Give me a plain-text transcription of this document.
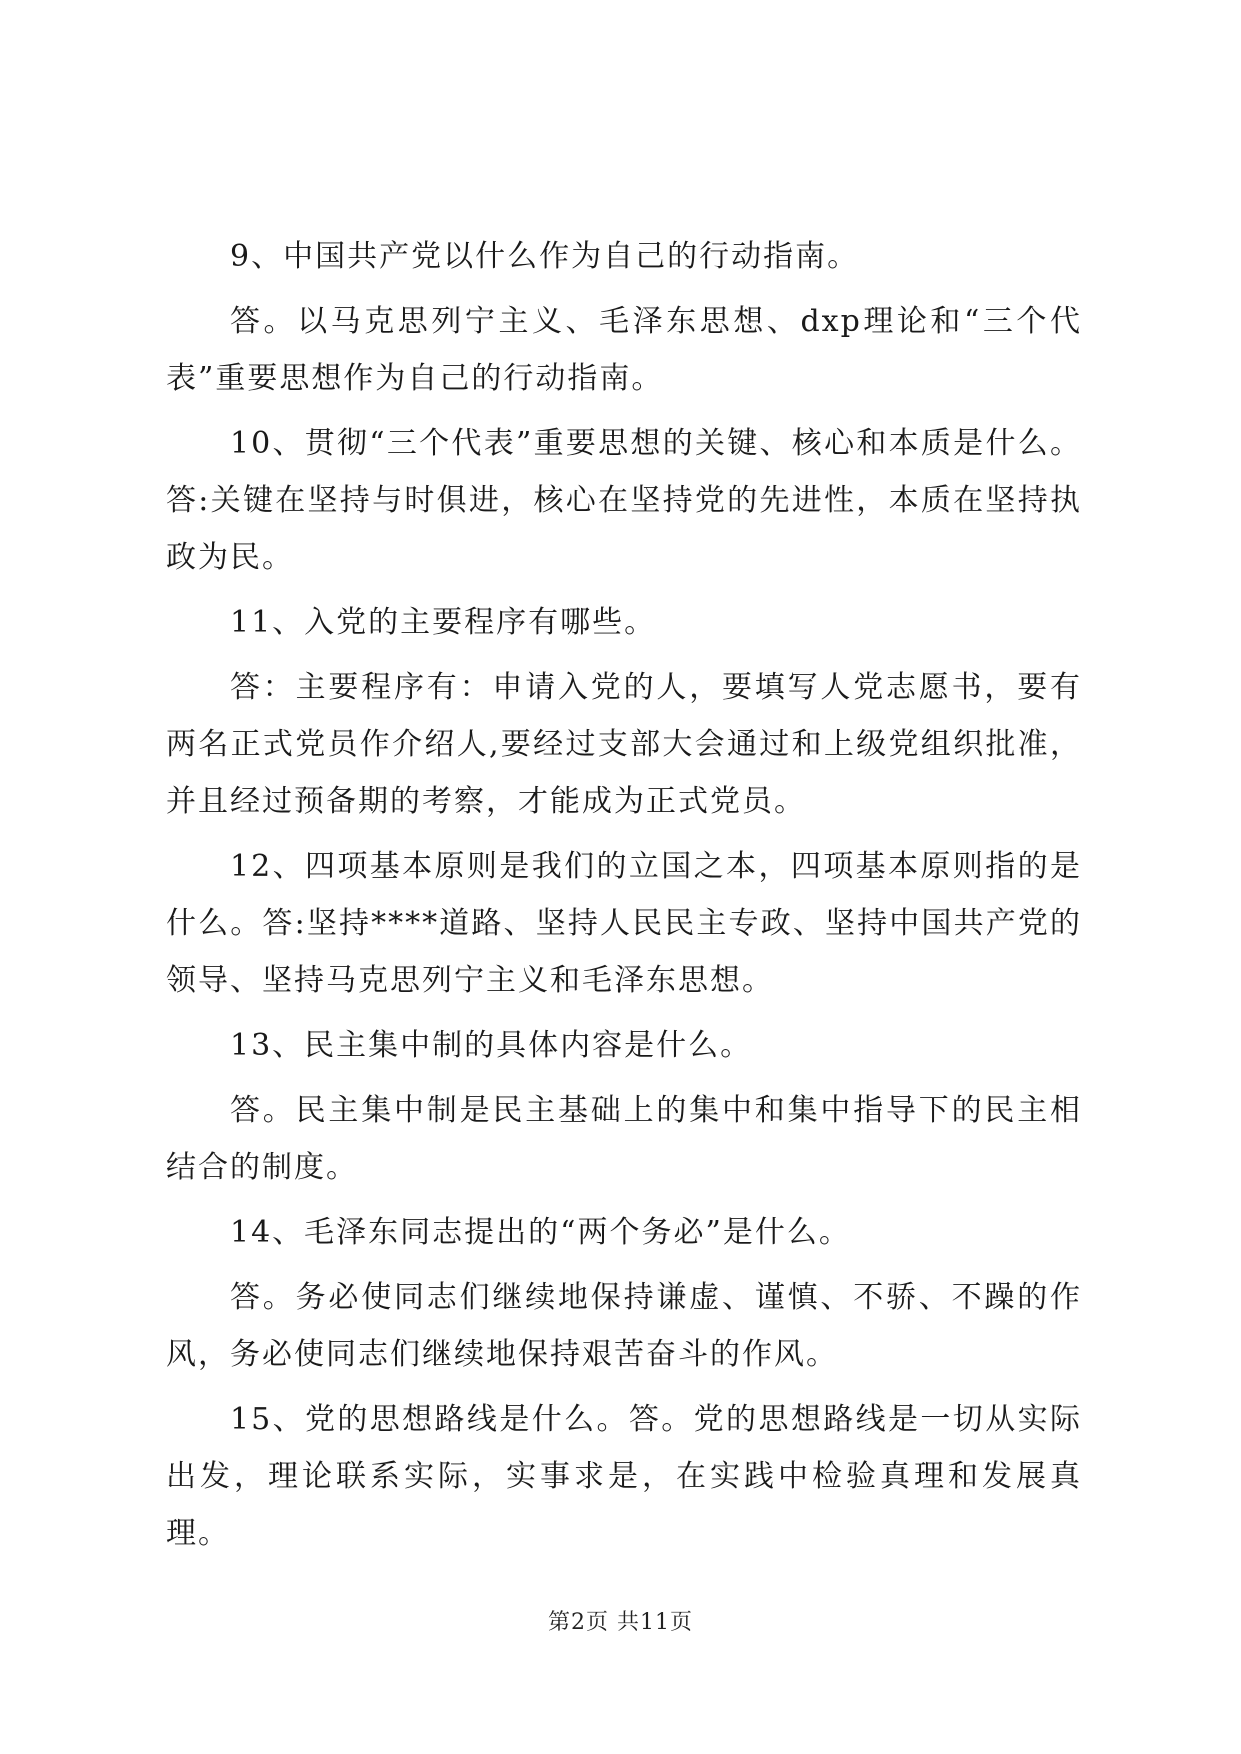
9、中国共产党以什么作为自己的行动指南。

答。以马克思列宁主义、毛泽东思想、dxp理论和“三个代表”重要思想作为自己的行动指南。

10、贯彻“三个代表”重要思想的关键、核心和本质是什么。答:关键在坚持与时俱进，核心在坚持党的先进性，本质在坚持执政为民。

11、入党的主要程序有哪些。

答：主要程序有：申请入党的人，要填写人党志愿书，要有两名正式党员作介绍人,要经过支部大会通过和上级党组织批准，并且经过预备期的考察，才能成为正式党员。

12、四项基本原则是我们的立国之本，四项基本原则指的是什么。答:坚持****道路、坚持人民民主专政、坚持中国共产党的领导、坚持马克思列宁主义和毛泽东思想。

13、民主集中制的具体内容是什么。

答。民主集中制是民主基础上的集中和集中指导下的民主相结合的制度。

14、毛泽东同志提出的“两个务必”是什么。

答。务必使同志们继续地保持谦虚、谨慎、不骄、不躁的作风，务必使同志们继续地保持艰苦奋斗的作风。

15、党的思想路线是什么。答。党的思想路线是一切从实际出发，理论联系实际，实事求是，在实践中检验真理和发展真理。

第2页 共11页
